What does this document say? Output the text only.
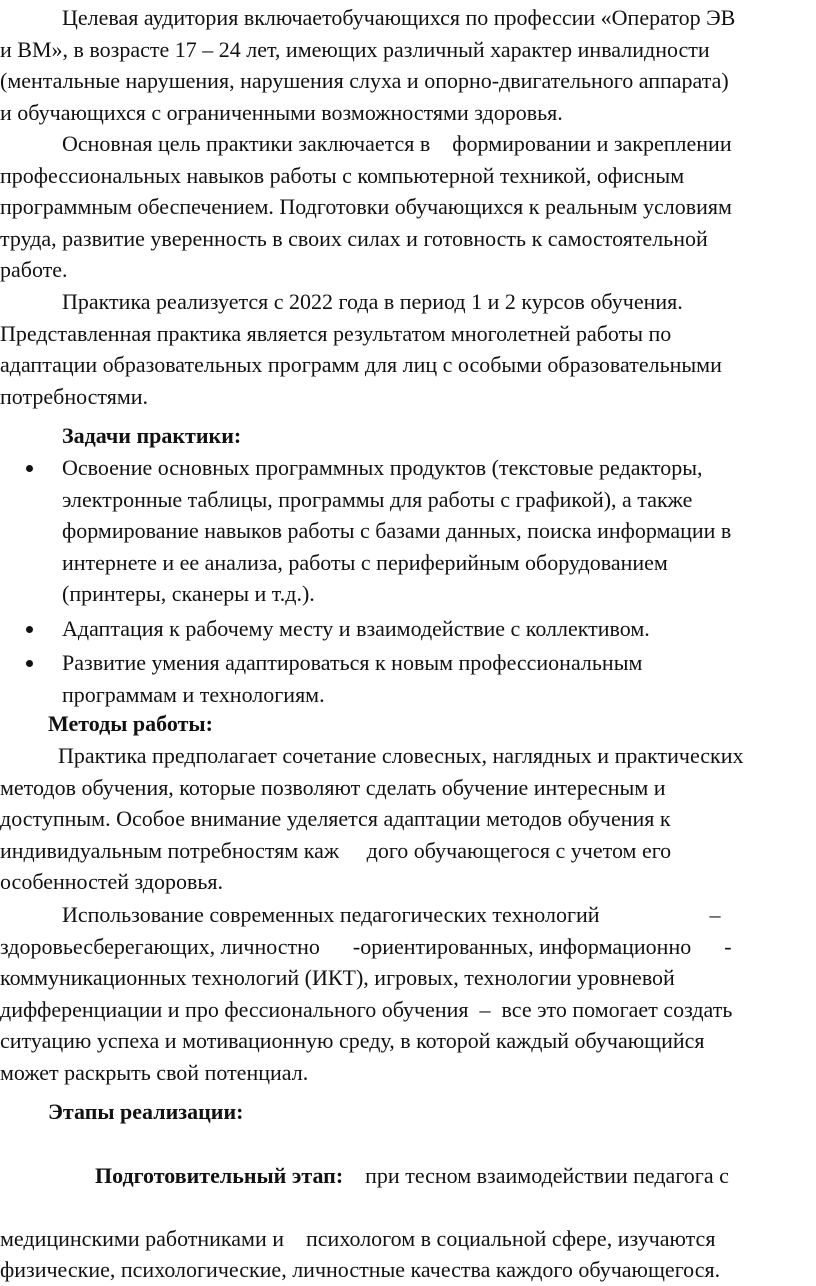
Целевая аудитория включаетобучающихся по профессии «Оператор ЭВ
и ВМ», в возрасте 17 – 24 лет, имеющих различный характер инвалидности
(ментальные нарушения, нарушения слуха и опорно-двигательного аппарата)
и обучающихся с ограниченными возможностями здоровья.
Основная цель практики заключается в    формировании и закреплении
профессиональных навыков работы с компьютерной техникой, офисным
программным обеспечением. Подготовки обучающихся к реальным условиям
труда, развитие уверенность в своих силах и готовность к самостоятельной
работе.
Практика реализуется с 2022 года в период 1 и 2 курсов обучения.
Представленная практика является результатом многолетней работы по
адаптации образовательных программ для лиц с особыми образовательными
потребностями.
Задачи практики:
Освоение основных программных продуктов (текстовые редакторы,
электронные таблицы, программы для работы с графикой), а также
формирование навыков работы с базами данных, поиска информации в
интернете и ее анализа, работы с периферийным оборудованием
(принтеры, сканеры и т.д.).
Адаптация к рабочему месту и взаимодействие с коллективом.
Развитие умения адаптироваться к новым профессиональным
программам и технологиям.
Методы работы:
Практика предполагает сочетание словесных, наглядных и практических
методов обучения, которые позволяют сделать обучение интересным и
доступным. Особое внимание уделяется адаптации методов обучения к
индивидуальным потребностям каж     дого обучающегося с учетом его
особенностей здоровья.
Использование современных педагогических технологий                    –
здоровьесберегающих, личностно      -ориентированных, информационно      -
коммуникационных технологий (ИКТ), игровых, технологии уровневой
дифференциации и про фессионального обучения  –  все это помогает создать
ситуацию успеха и мотивационную среду, в которой каждый обучающийся
может раскрыть свой потенциал.
Этапы реализации:

Подготовительный этап:    при тесном взаимодействии педагога с

медицинскими работниками и    психологом в социальной сфере, изучаются
физические, психологические, личностные качества каждого обучающегося.
